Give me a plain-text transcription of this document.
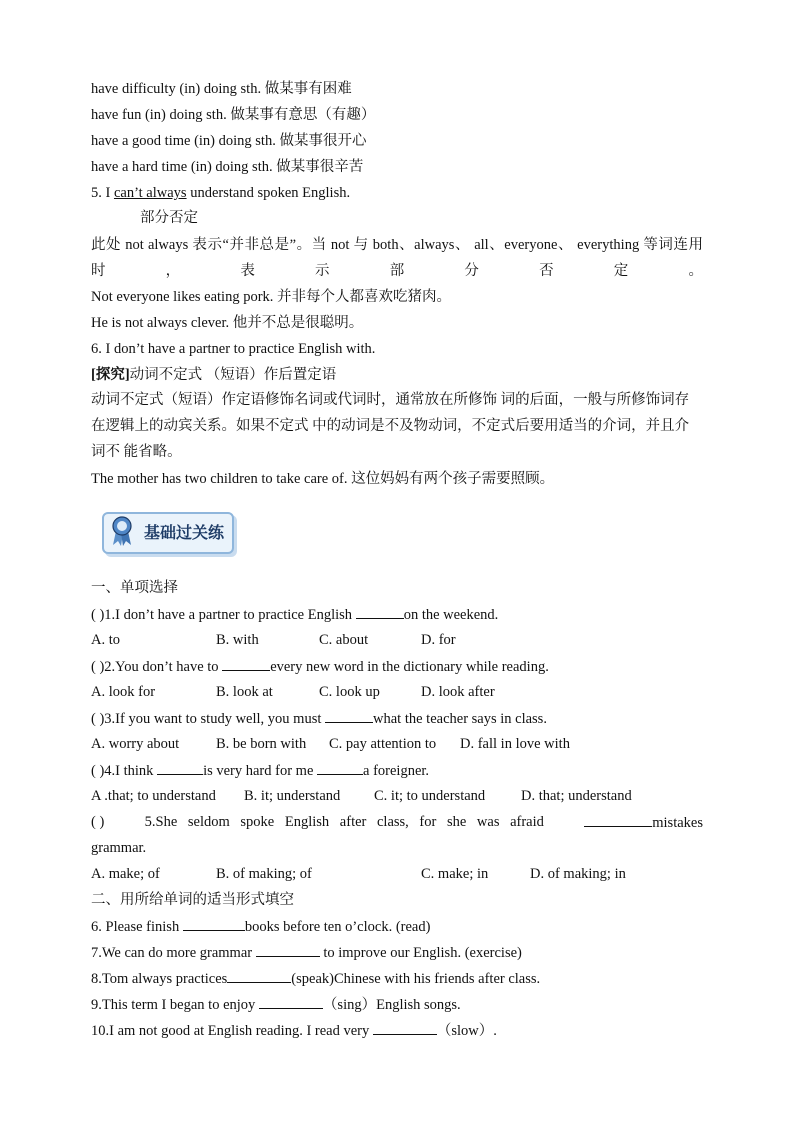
have difficulty (in) doing sth. 做某事有困难
have fun (in) doing sth. 做某事有意思（有趣）
have a good time (in) doing sth. 做某事很开心
have a hard time (in) doing sth. 做某事很辛苦
5. I can’t always understand spoken English.
部分否定
此处 not always 表示“并非总是”。当 not 与 both、always、 all、everyone、 everything 等词连用时，表示部分否定。
Not everyone likes eating pork. 并非每个人都喜欢吃猪肉。
He is not always clever. 他并不总是很聪明。
6. I don’t have a partner to practice English with.
[探究]动词不定式 （短语）作后置定语
动词不定式（短语）作定语修饰名词或代词时，通常放在所修饰 词的后面，一般与所修饰词存在逻辑上的动宾关系。如果不定式 中的动词是不及物动词，不定式后要用适当的介词，并且介词不 能省略。
The mother has two children to take care of. 这位妈妈有两个孩子需要照顾。
基础过关练
一、单项选择
( )1.I don’t have a partner to practice English	on the weekend.
A. to	B. with	C. about	D. for
( )2.You don’t have to	every new word in the dictionary while reading.
A. look for	B. look at	C. look up	D. look after
( )3.If you want to study well, you must	what the teacher says in class.
A. worry about	B. be born with C. pay attention to D. fall in love with
( )4.I think	is very hard for me	a foreigner.
A .that; to understand B. it; understand C. it; to understand D. that; understand
( )	5.She seldom spoke English after class, for she was afraid	mistakes
grammar.
A. make; of	B. of making; of	C. make; in	D. of making; in
二、用所给单词的适当形式填空
6. Please finish	books before ten o’clock. (read)
7.We can do more grammar	to improve our English. (exercise)
8.Tom always practices	(speak)Chinese with his friends after class.
9.This term I began to enjoy	（sing）English songs.
10.I am not good at English reading. I read very	（slow）.
